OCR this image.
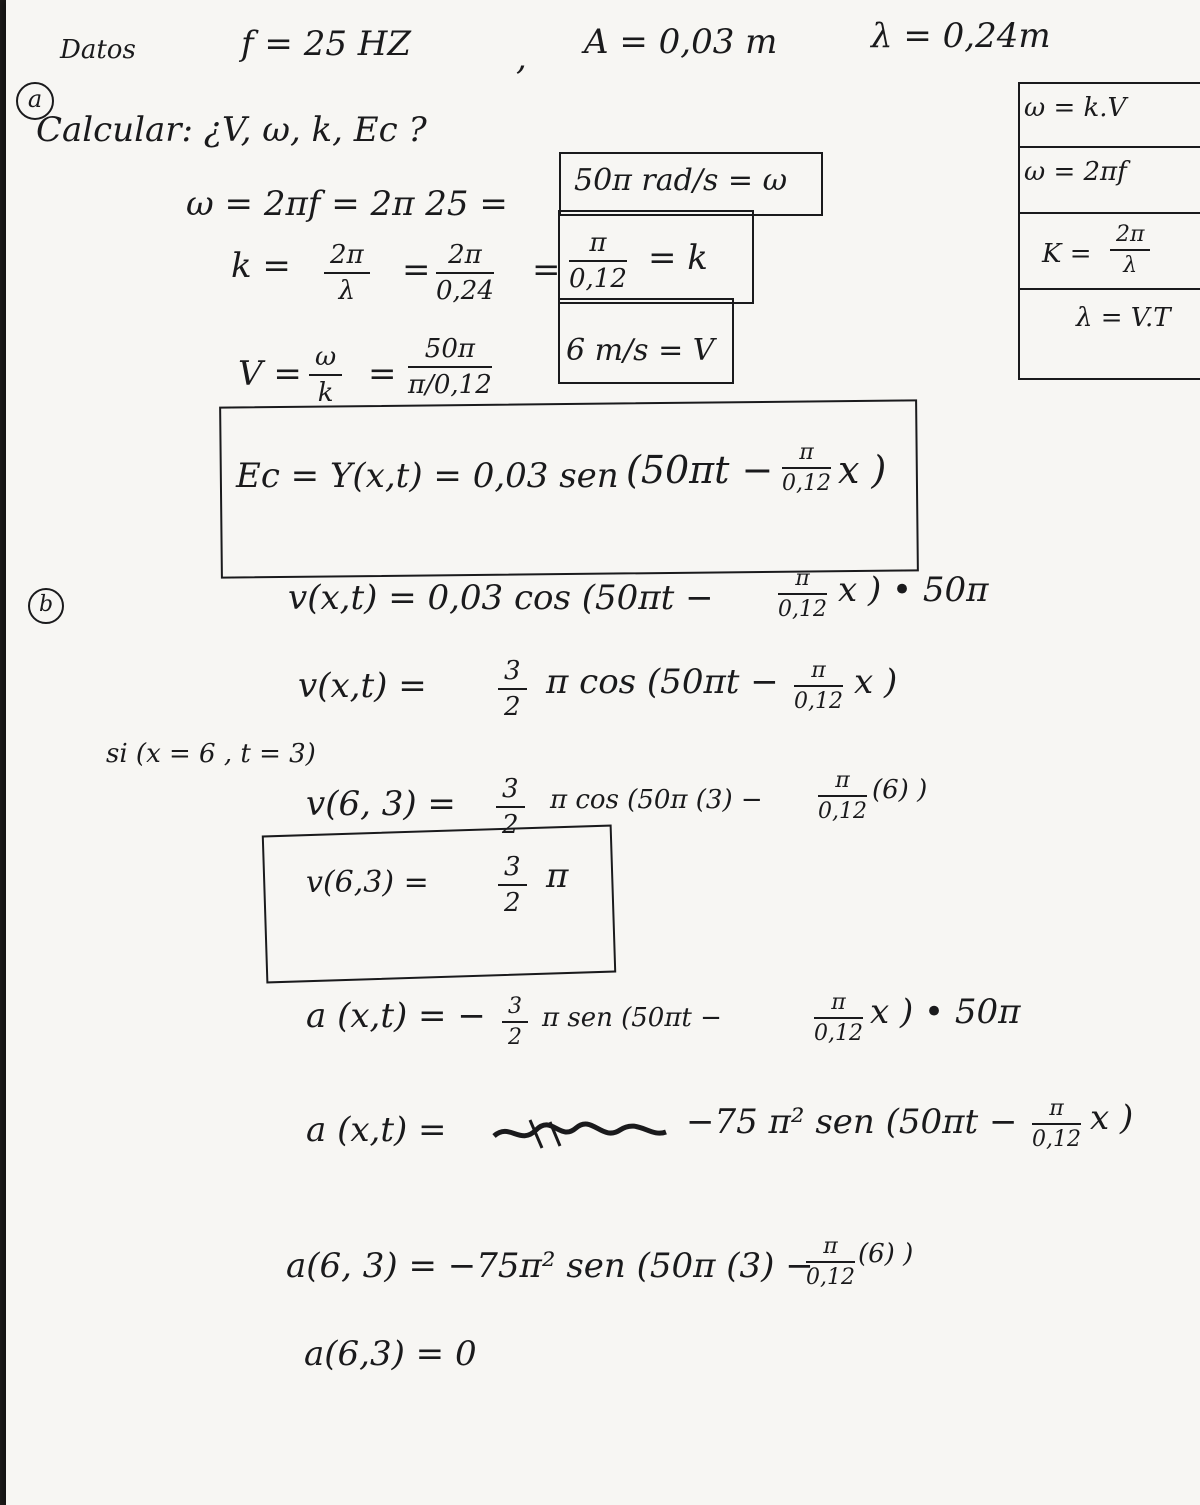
Datos	f = 25 HZ	, A = 0,03 m	λ = 0,24m
a
Calcular: ¿V, ω, k, Ec ?
ω = 2πf = 2π 25 =
50π rad/s = ω
$k = \frac{2\pi}{\lambda} = \frac{2\pi}{0,24} = \frac{\pi}{0,12} = k$
$V = \frac{\omega}{k} = \frac{50\pi}{\pi/0,12} 6$ m/s = V
Ec = Y(x,t) = 0,03 sen ($50\pi t - \frac{\pi}{0,12}$ x )
ω = k.V
ω = 2πf
$K = \frac{2\pi}{\lambda}$
λ = V.T
b	v(x,t) = 0,03 cos (50πt −	$\frac{\pi}{0,12}$ x ) • 50π
v(x,t) =	$\frac{3}{2}$ π $\cos (50\pi t - \frac{\pi}{0,12}$ x )
si (x = 6 , t = 3)
v(6, $3) = \frac{3}{2}$ π cos (50π (3) −	$\frac{\pi}{0,12} (6)$ )
v(6,3) =	$\frac{3}{2}$ π
a (x,t) = − $\frac{3}{2}$ π sen (50πt −	$\frac{\pi}{0,12}$ x ) • 50π
a (x,t) =	−75 π² sen ($50\pi t - \frac{\pi}{0,12}$ x )
a(6, 3) = −75π² sen (50π (3) −
$\frac{\pi}{0,12} (6)$ )
a(6,3) = 0
